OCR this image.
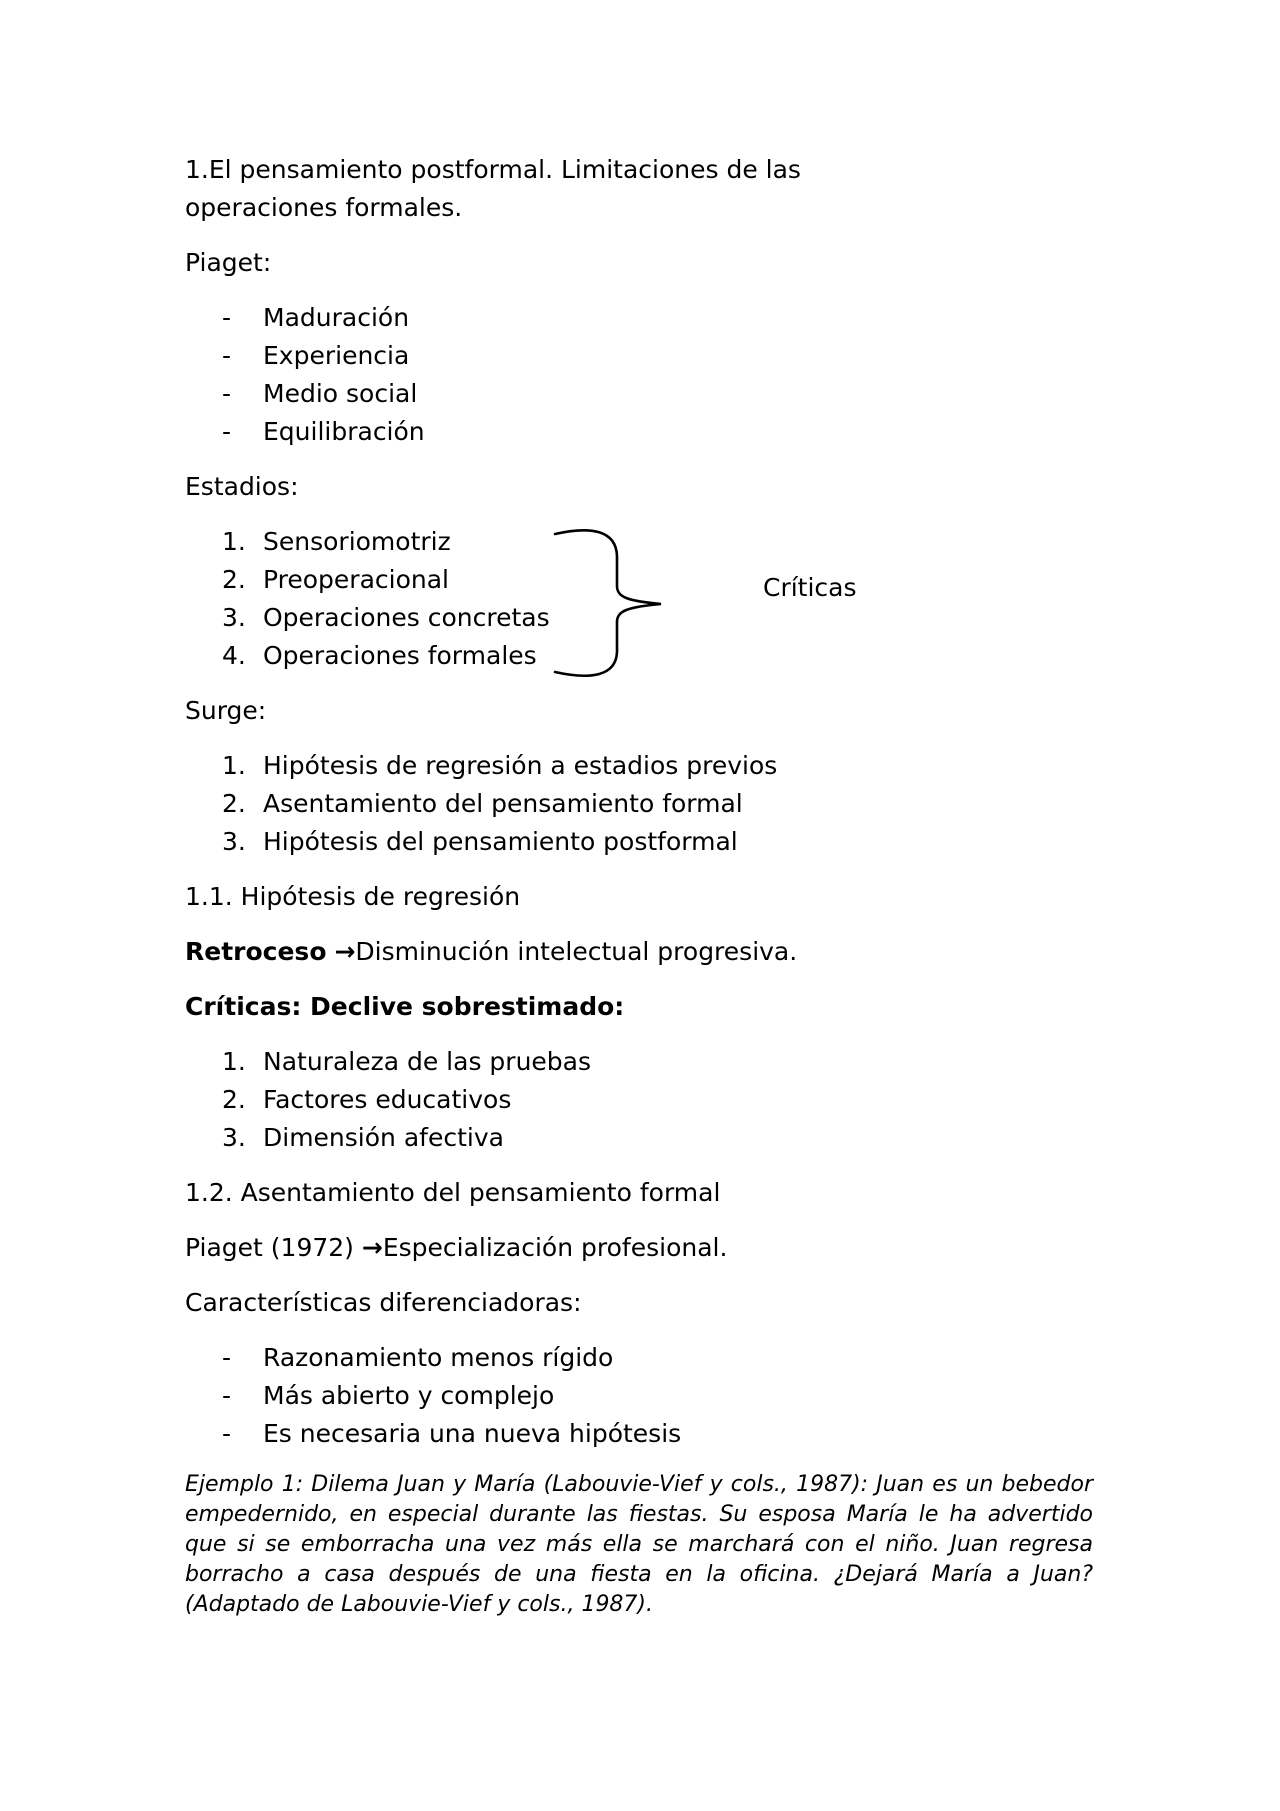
1.El pensamiento postformal. Limitaciones de las operaciones formales.

Piaget:

- Maduración
- Experiencia
- Medio social
- Equilibración

Estadios:

Sensoriomotriz
Preoperacional
Operaciones concretas
Operaciones formales

Surge:

Hipótesis de regresión a estadios previos
Asentamiento del pensamiento formal
Hipótesis del pensamiento postformal

1.1. Hipótesis de regresión

Retroceso →Disminución intelectual progresiva.

Críticas: Declive sobrestimado:

Naturaleza de las pruebas
Factores educativos
Dimensión afectiva

1.2. Asentamiento del pensamiento formal

Piaget (1972) →Especialización profesional.

Características diferenciadoras:

- Razonamiento menos rígido
- Más abierto y complejo
- Es necesaria una nueva hipótesis

Ejemplo 1: Dilema Juan y María (Labouvie-Vief y cols., 1987): Juan es un bebedor empedernido, en especial durante las fiestas. Su esposa María le ha advertido que si se emborracha una vez más ella se marchará con el niño. Juan regresa borracho a casa después de una fiesta en la oficina. ¿Dejará María a Juan? (Adaptado de Labouvie-Vief y cols., 1987).

Críticas
